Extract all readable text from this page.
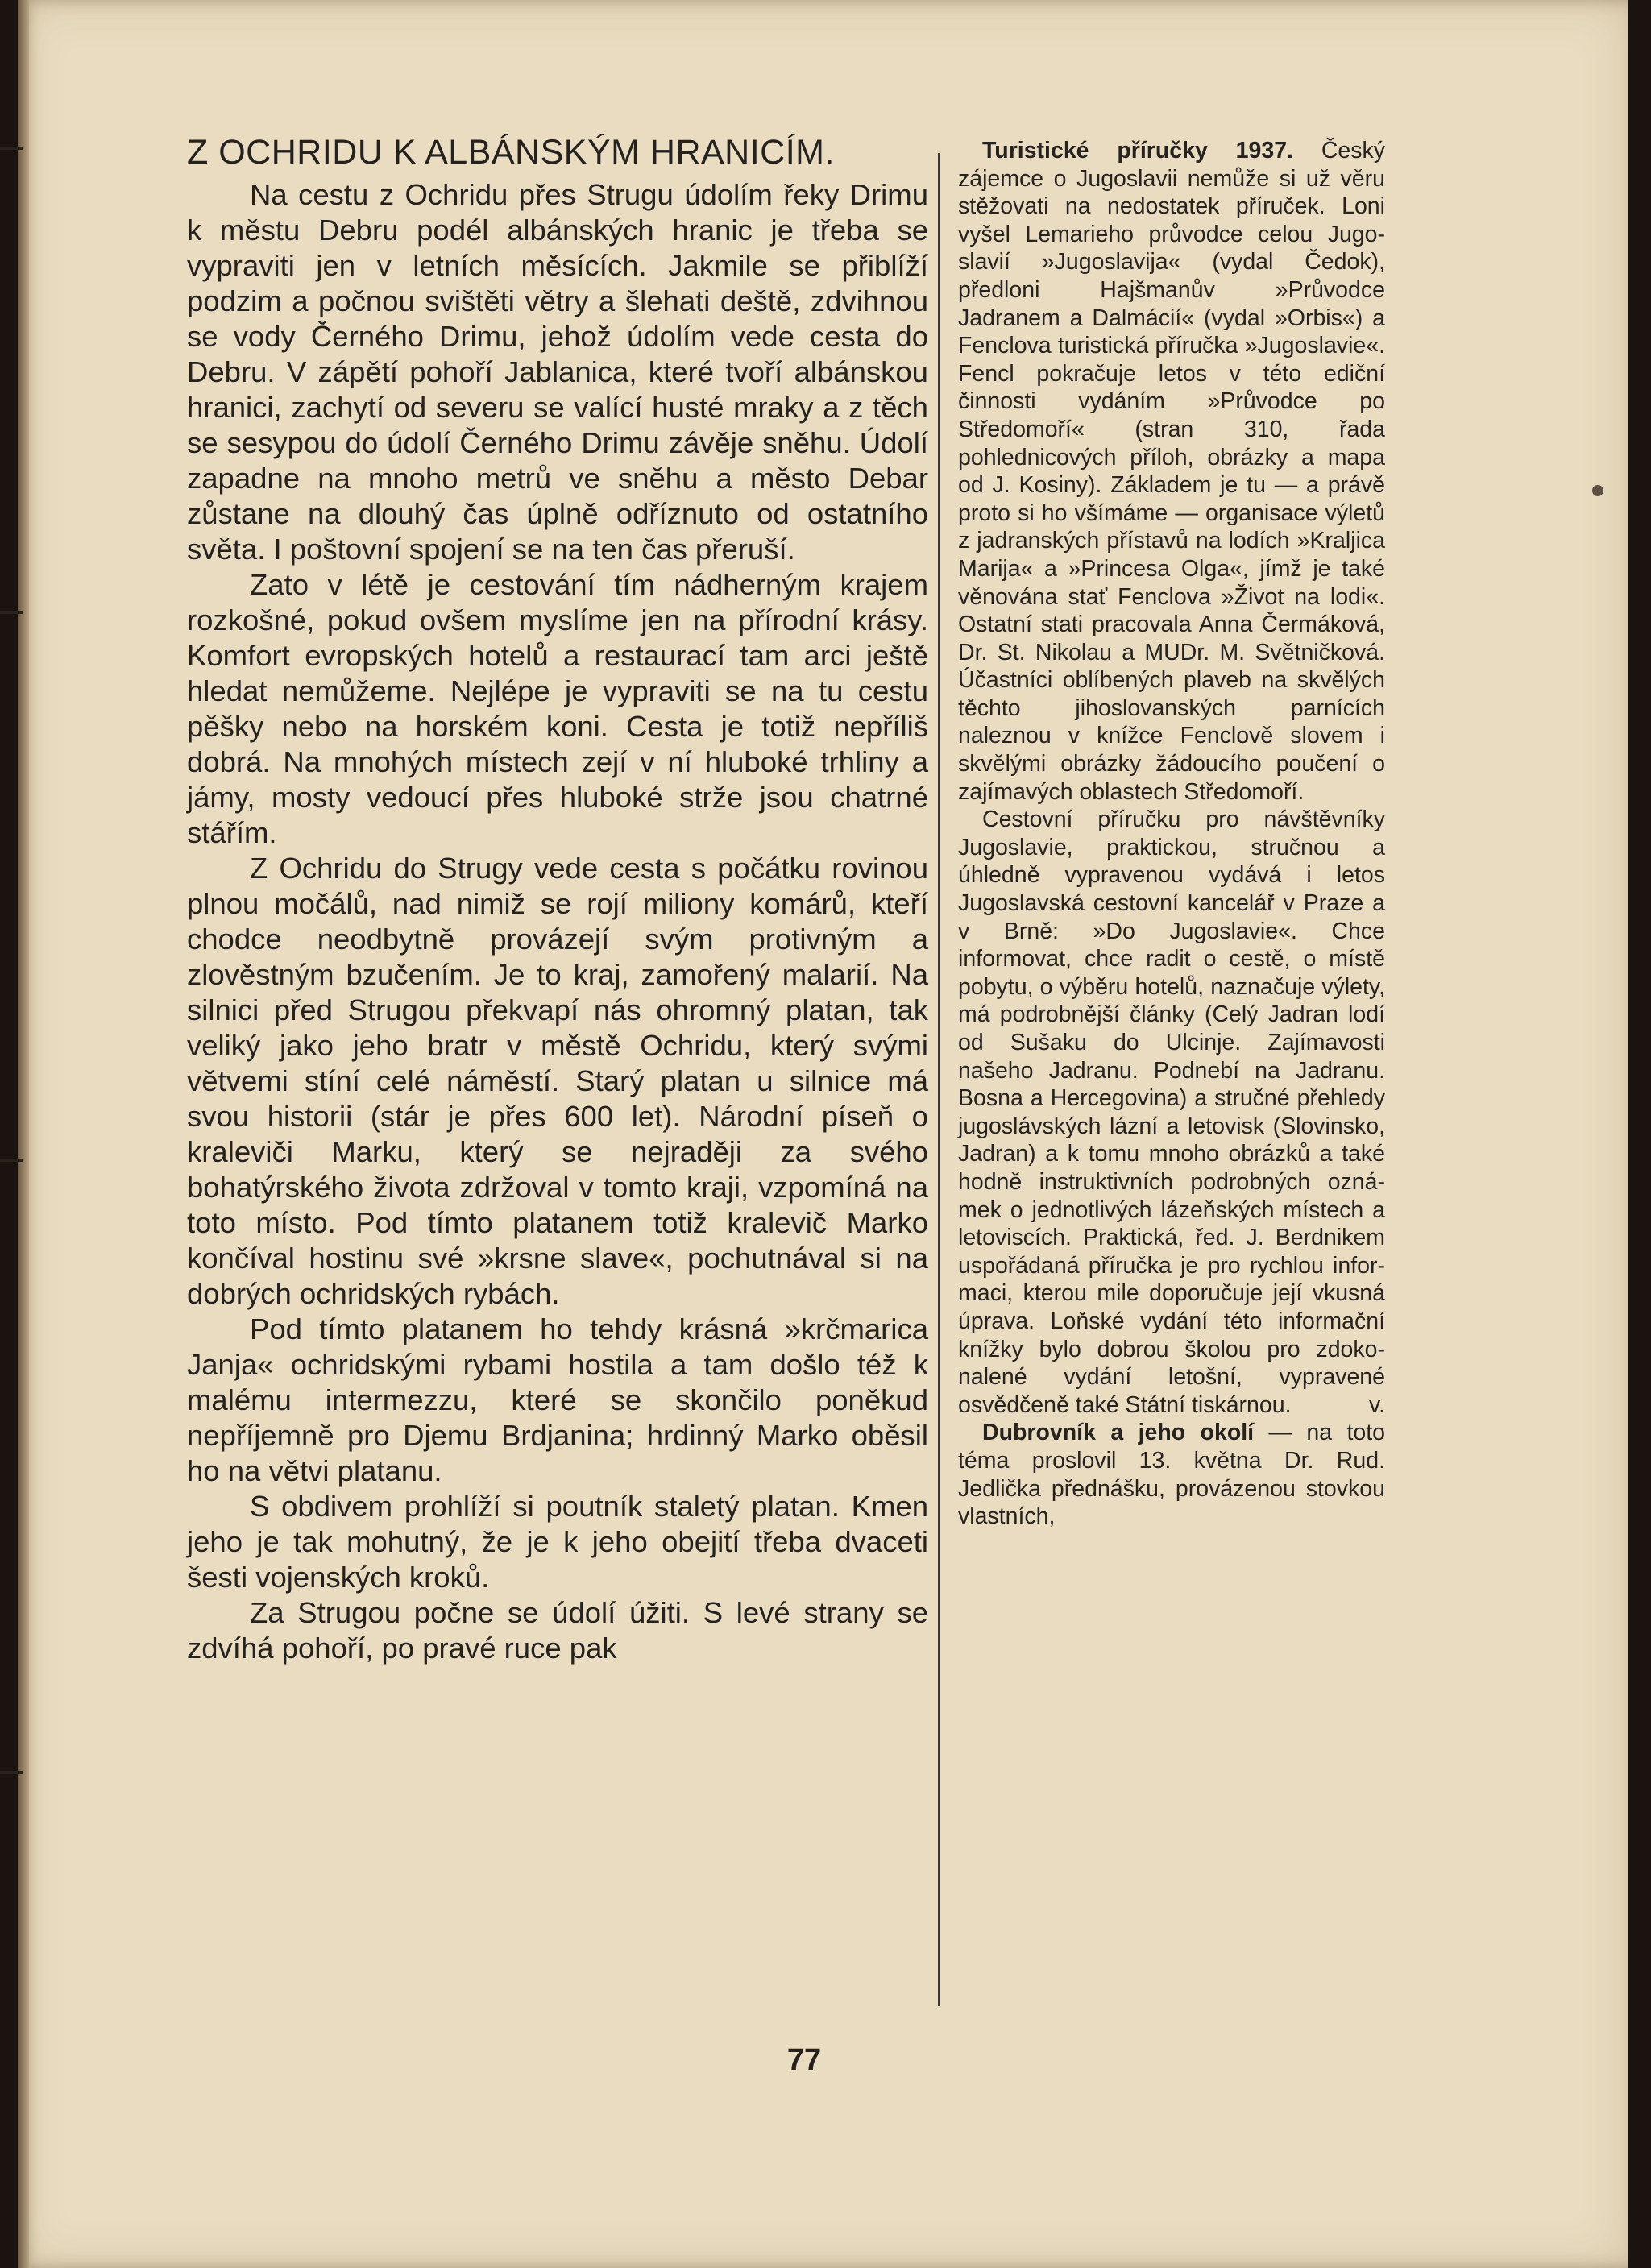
Z OCHRIDU K ALBÁNSKÝM HRANICÍM.

Na cestu z Ochridu přes Strugu údolím řeky Drimu k městu Debru podél albánských hranic je třeba se vypraviti jen v letních měsících. Jakmile se přiblíží podzim a počnou svištěti větry a šlehati deště, zdvihnou se vody Černého Drimu, jehož údolím vede cesta do Debru. V zápětí pohoří Jablanica, které tvoří albánskou hranici, zachytí od severu se valící husté mraky a z těch se sesypou do údolí Černého Drimu závěje sněhu. Údolí zapadne na mnoho metrů ve sněhu a město Debar zůstane na dlouhý čas úplně odříznuto od ostatního světa. I poštovní spojení se na ten čas přeruší.

Zato v létě je cestování tím nádherným krajem rozkošné, pokud ovšem myslíme jen na přírodní krásy. Komfort evropských hotelů a restaurací tam arci ještě hledat nemůžeme. Nejlépe je vypraviti se na tu cestu pěšky nebo na horském koni. Cesta je totiž nepříliš dobrá. Na mnohých místech zejí v ní hluboké trhliny a jámy, mosty vedoucí přes hluboké strže jsou chatrné stářím.

Z Ochridu do Strugy vede cesta s počátku rovinou plnou močálů, nad nimiž se rojí miliony komárů, kteří chodce neodbytně provázejí svým protivným a zlověstným bzučením. Je to kraj, zamořený malarií. Na silnici před Strugou překvapí nás ohromný platan, tak veliký jako jeho bratr v městě Ochridu, který svými větvemi stíní celé náměstí. Starý platan u silnice má svou historii (stár je přes 600 let). Národní píseň o kraleviči Marku, který se nejraději za svého bohatýrského života zdržoval v tomto kraji, vzpomíná na toto místo. Pod tímto platanem totiž kralevič Marko končíval hostinu své »krsne slave«, pochutnával si na dobrých ochridských rybách.

Pod tímto platanem ho tehdy krásná »krčmarica Janja« ochridskými rybami hostila a tam došlo též k malému intermezzu, které se skončilo poněkud nepříjemně pro Djemu Brdjanina; hrdinný Marko oběsil ho na větvi platanu.

S obdivem prohlíží si poutník staletý platan. Kmen jeho je tak mohutný, že je k jeho obejití třeba dvaceti šesti vojenských kroků.

Za Strugou počne se údolí úžiti. S levé strany se zdvíhá pohoří, po pravé ruce pak

Turistické příručky 1937. Český zájemce o Jugoslavii nemůže si už věru stěžovati na nedostatek příruček. Loni vyšel Lemarieho průvodce celou Jugoslavií »Jugoslavija« (vydal Čedok), předloni Hajšmanův »Průvodce Jadranem a Dalmácií« (vydal »Orbis«) a Fenclova turistická příručka »Jugoslavie«. Fencl pokračuje letos v této ediční činnosti vydáním »Průvodce po Středomoří« (stran 310, řada pohlednicových příloh, obrázky a mapa od J. Kosiny). Základem je tu — a právě proto si ho všímáme — organisace výletů z jadranských přístavů na lodích »Kraljica Marija« a »Princesa Olga«, jímž je také věnována stať Fenclova »Život na lodi«. Ostatní stati pracovala Anna Čermáková, Dr. St. Nikolau a MUDr. M. Světničková. Účastníci oblíbených plaveb na skvělých těchto jihoslovanských parnících naleznou v knížce Fenclově slovem i skvělými obrázky žádoucího poučení o zajímavých oblastech Středomoří.

Cestovní příručku pro návštěvníky Jugoslavie, praktickou, stručnou a úhledně vypravenou vydává i letos Jugoslavská cestovní kancelář v Praze a v Brně: »Do Jugoslavie«. Chce informovat, chce radit o cestě, o místě pobytu, o výběru hotelů, naznačuje výlety, má podrobnější články (Celý Jadran lodí od Sušaku do Ulcinje. Zajímavosti našeho Jadranu. Podnebí na Jadranu. Bosna a Hercegovina) a stručné přehledy jugoslávských lázní a letovisk (Slovinsko, Jadran) a k tomu mnoho obrázků a také hodně instruktivních podrobných oznámek o jednotlivých lázeňských místech a letoviscích. Praktická, řed. J. Berdnikem uspořádaná příručka je pro rychlou informaci, kterou mile doporučuje její vkusná úprava. Loňské vydání této informační knížky bylo dobrou školou pro zdokonalené vydání letošní, vypravené osvědčeně také Státní tiskárnou.	v.

Dubrovník a jeho okolí — na toto téma proslovil 13. května Dr. Rud. Jedlička přednášku, provázenou stovkou vlastních,

77
